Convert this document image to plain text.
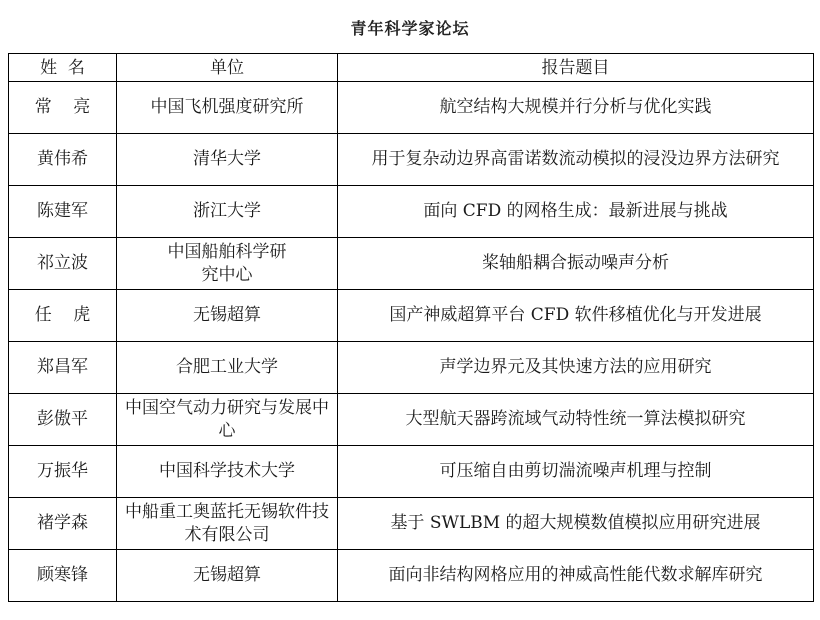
青年科学家论坛
姓  名	单位	报告题目
常    亮	中国飞机强度研究所	航空结构大规模并行分析与优化实践
黄伟希	清华大学	用于复杂动边界高雷诺数流动模拟的浸没边界方法研究
陈建军	浙江大学	面向 CFD 的网格生成：最新进展与挑战
祁立波	中国船舶科学研究中心	桨轴船耦合振动噪声分析
任    虎	无锡超算	国产神威超算平台 CFD 软件移植优化与开发进展
郑昌军	合肥工业大学	声学边界元及其快速方法的应用研究
彭傲平	中国空气动力研究与发展中心	大型航天器跨流域气动特性统一算法模拟研究
万振华	中国科学技术大学	可压缩自由剪切湍流噪声机理与控制
褚学森	中船重工奥蓝托无锡软件技术有限公司	基于 SWLBM 的超大规模数值模拟应用研究进展
顾寒锋	无锡超算	面向非结构网格应用的神威高性能代数求解库研究
